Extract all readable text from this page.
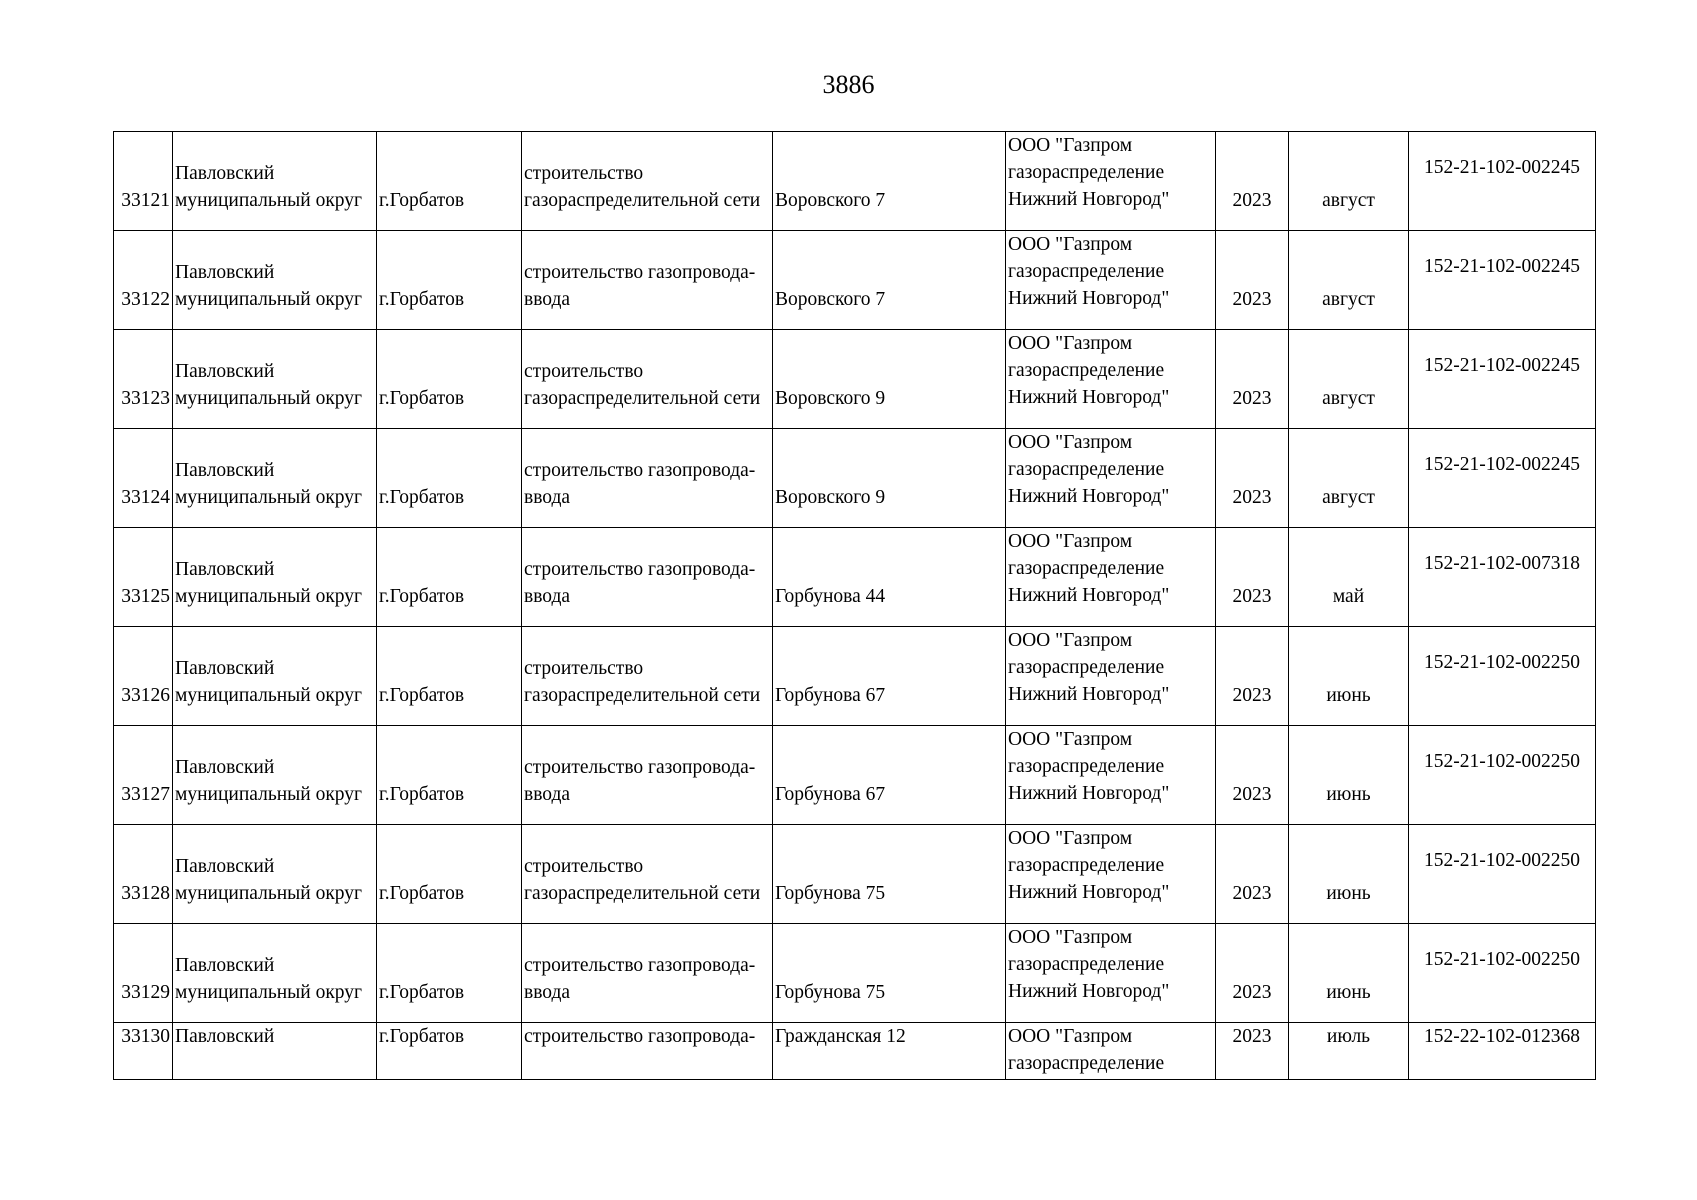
3886
33121	Павловский
муниципальный округ	г.Горбатов	строительство
газораспределительной сети	Воровского 7	ООО "Газпром
газораспределение
Нижний Новгород"	2023	август	152-21-102-002245

33122	Павловский
муниципальный округ	г.Горбатов	строительство газопровода-
ввода	Воровского 7	ООО "Газпром
газораспределение
Нижний Новгород"	2023	август	152-21-102-002245

33123	Павловский
муниципальный округ	г.Горбатов	строительство
газораспределительной сети	Воровского 9	ООО "Газпром
газораспределение
Нижний Новгород"	2023	август	152-21-102-002245

33124	Павловский
муниципальный округ	г.Горбатов	строительство газопровода-
ввода	Воровского 9	ООО "Газпром
газораспределение
Нижний Новгород"	2023	август	152-21-102-002245

33125	Павловский
муниципальный округ	г.Горбатов	строительство газопровода-
ввода	Горбунова 44	ООО "Газпром
газораспределение
Нижний Новгород"	2023	май	152-21-102-007318

33126	Павловский
муниципальный округ	г.Горбатов	строительство
газораспределительной сети	Горбунова 67	ООО "Газпром
газораспределение
Нижний Новгород"	2023	июнь	152-21-102-002250

33127	Павловский
муниципальный округ	г.Горбатов	строительство газопровода-
ввода	Горбунова 67	ООО "Газпром
газораспределение
Нижний Новгород"	2023	июнь	152-21-102-002250

33128	Павловский
муниципальный округ	г.Горбатов	строительство
газораспределительной сети	Горбунова 75	ООО "Газпром
газораспределение
Нижний Новгород"	2023	июнь	152-21-102-002250

33129	Павловский
муниципальный округ	г.Горбатов	строительство газопровода-
ввода	Горбунова 75	ООО "Газпром
газораспределение
Нижний Новгород"	2023	июнь	152-21-102-002250

33130	Павловский	г.Горбатов	строительство газопровода-	Гражданская 12	ООО "Газпром
газораспределение	2023	июль	152-22-102-012368
